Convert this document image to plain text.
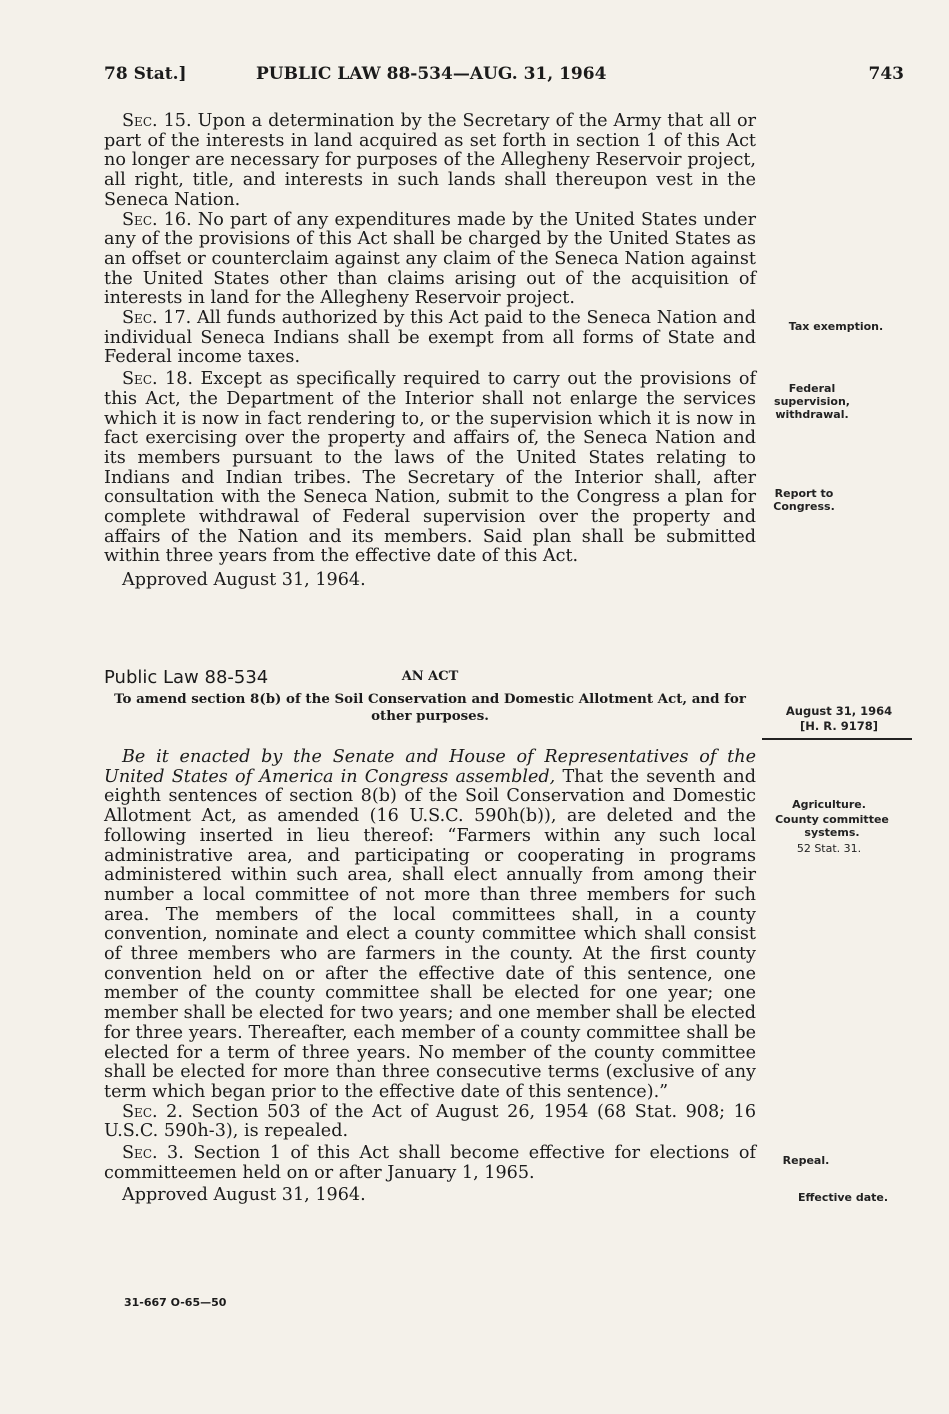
78 Stat.]	PUBLIC LAW 88-534—AUG. 31, 1964	743

Sec. 15. Upon a determination by the Secretary of the Army that all or part of the interests in land acquired as set forth in section 1 of this Act no longer are necessary for purposes of the Allegheny Reservoir project, all right, title, and interests in such lands shall thereupon vest in the Seneca Nation.

Sec. 16. No part of any expenditures made by the United States under any of the provisions of this Act shall be charged by the United States as an offset or counterclaim against any claim of the Seneca Nation against the United States other than claims arising out of the acquisition of interests in land for the Allegheny Reservoir project.

Sec. 17. All funds authorized by this Act paid to the Seneca Nation and individual Seneca Indians shall be exempt from all forms of State and Federal income taxes.

Sec. 18. Except as specifically required to carry out the provisions of this Act, the Department of the Interior shall not enlarge the services which it is now in fact rendering to, or the supervision which it is now in fact exercising over the property and affairs of, the Seneca Nation and its members pursuant to the laws of the United States relating to Indians and Indian tribes. The Secretary of the Interior shall, after consultation with the Seneca Nation, submit to the Congress a plan for complete withdrawal of Federal supervision over the property and affairs of the Nation and its members. Said plan shall be submitted within three years from the effective date of this Act.

Approved August 31, 1964.

Public Law 88-534	AN ACT
To amend section 8(b) of the Soil Conservation and Domestic Allotment Act, and for other purposes.

Be it enacted by the Senate and House of Representatives of the United States of America in Congress assembled, That the seventh and eighth sentences of section 8(b) of the Soil Conservation and Domestic Allotment Act, as amended (16 U.S.C. 590h(b)), are deleted and the following inserted in lieu thereof: “Farmers within any such local administrative area, and participating or cooperating in programs administered within such area, shall elect annually from among their number a local committee of not more than three members for such area. The members of the local committees shall, in a county convention, nominate and elect a county committee which shall consist of three members who are farmers in the county. At the first county convention held on or after the effective date of this sentence, one member of the county committee shall be elected for one year; one member shall be elected for two years; and one member shall be elected for three years. Thereafter, each member of a county committee shall be elected for a term of three years. No member of the county committee shall be elected for more than three consecutive terms (exclusive of any term which began prior to the effective date of this sentence).”

Sec. 2. Section 503 of the Act of August 26, 1954 (68 Stat. 908; 16 U.S.C. 590h-3), is repealed.

Sec. 3. Section 1 of this Act shall become effective for elections of committeemen held on or after January 1, 1965.

Approved August 31, 1964.

Tax exemption.
Federal supervision, withdrawal.
Report to Congress.
August 31, 1964
[H. R. 9178]
Agriculture.
County committee systems.
52 Stat. 31.
Repeal.
Effective date.
31-667 O-65—50
